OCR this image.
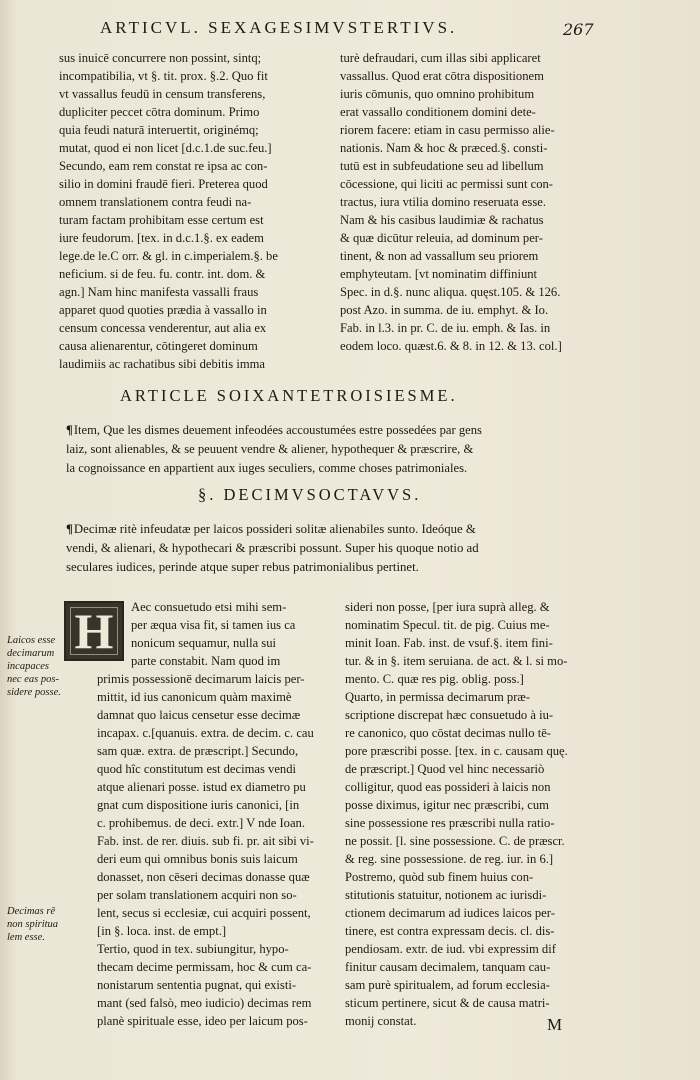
ARTICVL. SEXAGESIMVSTERTIVS.	267
sus inuicē concurrere non possint, sintq;
incompatibilia, vt §. tit. prox. §.2. Quo fit
vt vassallus feudū in censum transferens,
dupliciter peccet cōtra dominum. Primo
quia feudi naturā interuertit, originémq;
mutat, quod ei non licet [d.c.1.de suc.feu.]
Secundo, eam rem constat re ipsa ac con-
silio in domini fraudē fieri. Preterea quod
omnem translationem contra feudi na-
turam factam prohibitam esse certum est
iure feudorum. [tex. in d.c.1.§. ex eadem
lege.de le.C orr. & gl. in c.imperialem.§. be
neficium. si de feu. fu. contr. int. dom. &
agn.] Nam hinc manifesta vassalli fraus
apparet quod quoties prædia à vassallo in
censum concessa venderentur, aut alia ex
causa alienarentur, cōtingeret dominum
laudimiis ac rachatibus sibi debitis imma
turè defraudari, cum illas sibi applicaret
vassallus. Quod erat cōtra dispositionem
iuris cōmunis, quo omnino prohibitum
erat vassallo conditionem domini dete-
riorem facere: etiam in casu permisso alie-
nationis. Nam & hoc & præced.§. consti-
tutū est in subfeudatione seu ad libellum
cōcessione, qui liciti ac permissi sunt con-
tractus, iura vtilia domino reseruata esse.
Nam & his casibus laudimiæ & rachatus
& quæ dicūtur releuia, ad dominum per-
tinent, & non ad vassallum seu priorem
emphyteutam. [vt nominatim diffiniunt
Spec. in d.§. nunc aliqua. quęst.105. & 126.
post Azo. in summa. de iu. emphyt. & Io.
Fab. in l.3. in pr. C. de iu. emph. & Ias. in
eodem loco. quæst.6. & 8. in 12. & 13. col.]
ARTICLE SOIXANTETROISIESME.
¶Item, Que les dismes deuement infeodées accoustumées estre possedées par gens
laiz, sont alienables, & se peuuent vendre & aliener, hypothequer & præscrire, &
la cognoissance en appartient aux iuges seculiers, comme choses patrimoniales.
§. DECIMVSOCTAVVS.
¶Decimæ ritè infeudatæ per laicos possideri solitæ alienabiles sunto. Ideóque &
vendi, & alienari, & hypothecari & præscribi possunt. Super his quoque notio ad
seculares iudices, perinde atque super rebus patrimonialibus pertinet.
H	Aec consuetudo etsi mihi sem-
per æqua visa fit, si tamen ius ca
nonicum sequamur, nulla sui
parte constabit. Nam quod im
primis possessionē decimarum laicis per-
mittit, id ius canonicum quàm maximè
damnat quo laicus censetur esse decimæ
incapax. c.[quanuis. extra. de decim. c. cau
sam quæ. extra. de præscript.] Secundo,
quod hîc constitutum est decimas vendi
atque alienari posse. istud ex diametro pu
gnat cum dispositione iuris canonici, [in
c. prohibemus. de deci. extr.] V nde Ioan.
Fab. inst. de rer. diuis. sub fi. pr. ait sibi vi-
deri eum qui omnibus bonis suis laicum
donasset, non cēseri decimas donasse quæ
per solam translationem acquiri non so-
lent, secus si ecclesiæ, cui acquiri possent,
[in §. loca. inst. de empt.]
Tertio, quod in tex. subiungitur, hypo-
thecam decime permissam, hoc & cum ca-
nonistarum sententia pugnat, qui existi-
mant (sed falsò, meo iudicio) decimas rem
planè spirituale esse, ideo per laicum pos-
sideri non posse, [per iura suprà alleg. &
nominatim Specul. tit. de pig. Cuius me-
minit Ioan. Fab. inst. de vsuf.§. item fini-
tur. & in §. item seruiana. de act. & l. si mo-
mento. C. quæ res pig. oblig. poss.]
Quarto, in permissa decimarum præ-
scriptione discrepat hæc consuetudo à iu-
re canonico, quo cōstat decimas nullo tē-
pore præscribi posse. [tex. in c. causam quę.
de præscript.] Quod vel hinc necessariò
colligitur, quod eas possideri à laicis non
posse diximus, igitur nec præscribi, cum
sine possessione res præscribi nulla ratio-
ne possit. [l. sine possessione. C. de præscr.
& reg. sine possessione. de reg. iur. in 6.]
Postremo, quòd sub finem huius con-
stitutionis statuitur, notionem ac iurisdi-
ctionem decimarum ad iudices laicos per-
tinere, est contra expressam decis. cl. dis-
pendiosam. extr. de iud. vbi expressim dif
finitur causam decimalem, tanquam cau-
sam purè spiritualem, ad forum ecclesia-
sticum pertinere, sicut & de causa matri-
monij constat.
Laicos esse
decimarum
incapaces
nec eas pos-
sidere posse.
Decimas rē
non spiritua
lem esse.
M
